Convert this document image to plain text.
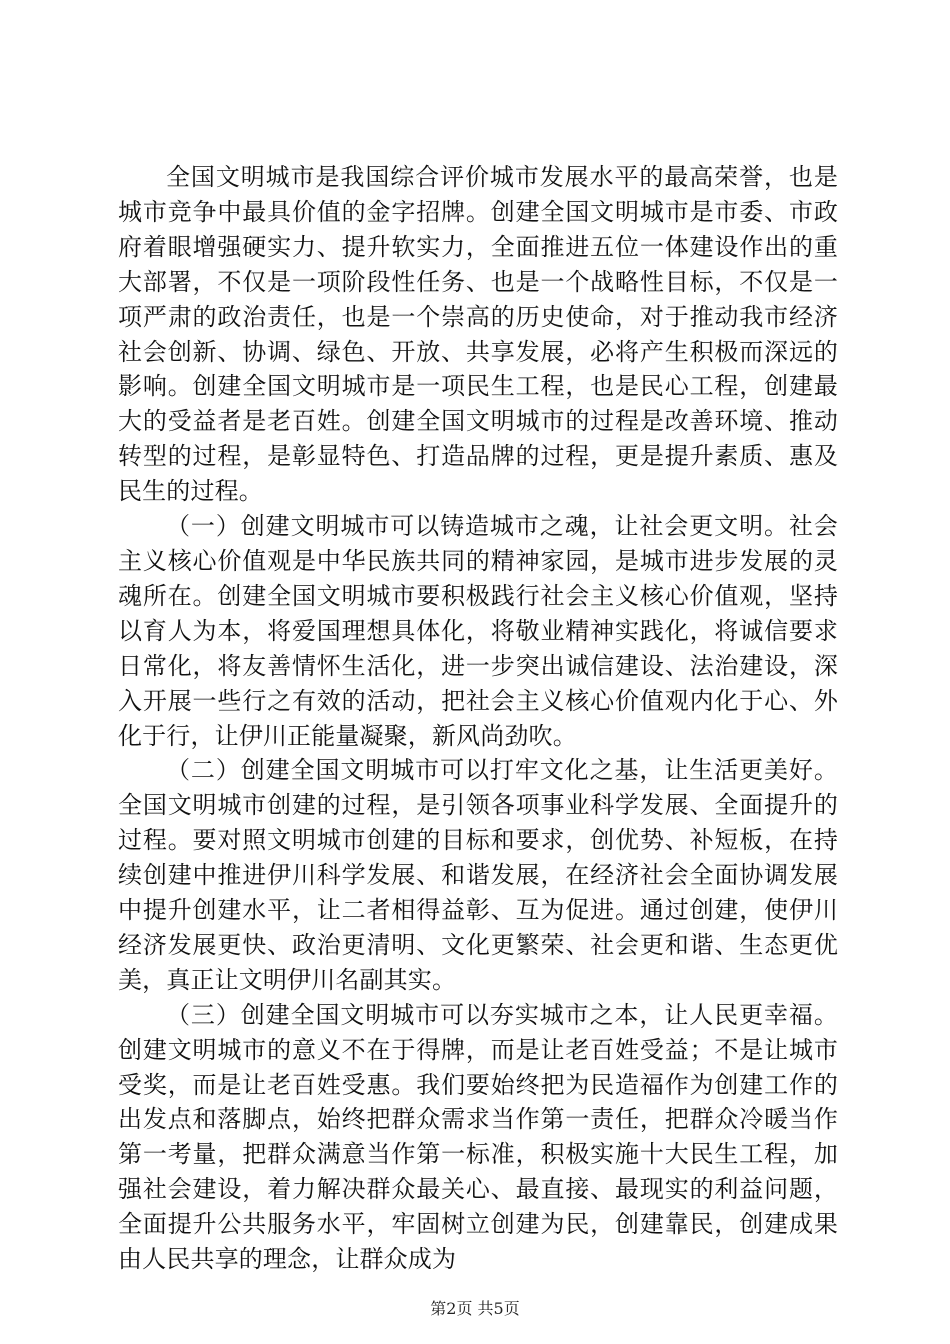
全国文明城市是我国综合评价城市发展水平的最高荣誉，也是城市竞争中最具价值的金字招牌。创建全国文明城市是市委、市政府着眼增强硬实力、提升软实力，全面推进五位一体建设作出的重大部署，不仅是一项阶段性任务、也是一个战略性目标，不仅是一项严肃的政治责任，也是一个崇高的历史使命，对于推动我市经济社会创新、协调、绿色、开放、共享发展，必将产生积极而深远的影响。创建全国文明城市是一项民生工程，也是民心工程，创建最大的受益者是老百姓。创建全国文明城市的过程是改善环境、推动转型的过程，是彰显特色、打造品牌的过程，更是提升素质、惠及民生的过程。

（一）创建文明城市可以铸造城市之魂，让社会更文明。社会主义核心价值观是中华民族共同的精神家园，是城市进步发展的灵魂所在。创建全国文明城市要积极践行社会主义核心价值观，坚持以育人为本，将爱国理想具体化，将敬业精神实践化，将诚信要求日常化，将友善情怀生活化，进一步突出诚信建设、法治建设，深入开展一些行之有效的活动，把社会主义核心价值观内化于心、外化于行，让伊川正能量凝聚，新风尚劲吹。

（二）创建全国文明城市可以打牢文化之基，让生活更美好。全国文明城市创建的过程，是引领各项事业科学发展、全面提升的过程。要对照文明城市创建的目标和要求，创优势、补短板，在持续创建中推进伊川科学发展、和谐发展，在经济社会全面协调发展中提升创建水平，让二者相得益彰、互为促进。通过创建，使伊川经济发展更快、政治更清明、文化更繁荣、社会更和谐、生态更优美，真正让文明伊川名副其实。

（三）创建全国文明城市可以夯实城市之本，让人民更幸福。创建文明城市的意义不在于得牌，而是让老百姓受益；不是让城市受奖，而是让老百姓受惠。我们要始终把为民造福作为创建工作的出发点和落脚点，始终把群众需求当作第一责任，把群众冷暖当作第一考量，把群众满意当作第一标准，积极实施十大民生工程，加强社会建设，着力解决群众最关心、最直接、最现实的利益问题，全面提升公共服务水平，牢固树立创建为民，创建靠民，创建成果由人民共享的理念，让群众成为

第2页 共5页
